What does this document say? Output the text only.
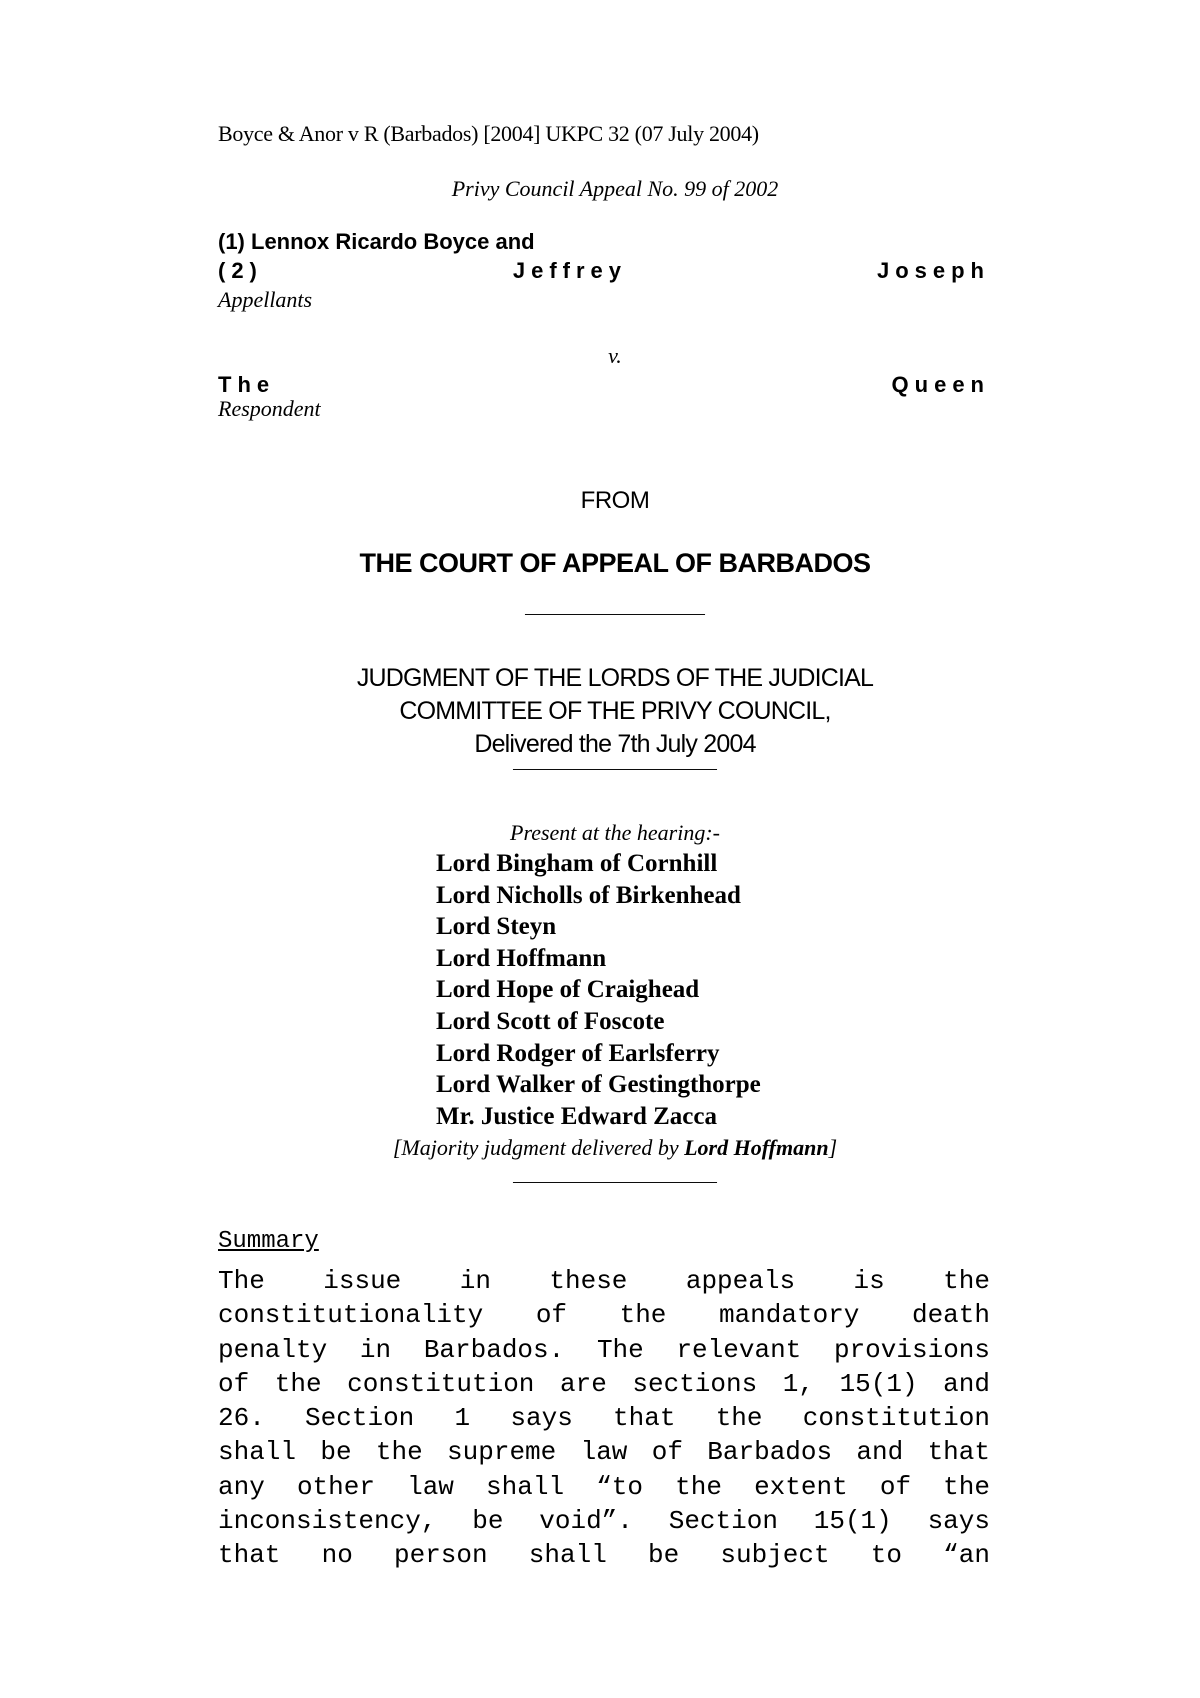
Boyce & Anor v R (Barbados) [2004] UKPC 32 (07 July 2004)
Privy Council Appeal No. 99 of 2002
(1) Lennox Ricardo Boyce and
(2)	Jeffrey	Joseph
Appellants
v.
The	Queen
Respondent
FROM
THE COURT OF APPEAL OF BARBADOS
_______________
JUDGMENT OF THE LORDS OF THE JUDICIAL
COMMITTEE OF THE PRIVY COUNCIL,
Delivered the 7th July 2004
_________________
Present at the hearing:-
Lord Bingham of Cornhill
Lord Nicholls of Birkenhead
Lord Steyn
Lord Hoffmann
Lord Hope of Craighead
Lord Scott of Foscote
Lord Rodger of Earlsferry
Lord Walker of Gestingthorpe
Mr. Justice Edward Zacca
[Majority judgment delivered by Lord Hoffmann]
_________________
Summary
The issue in these appeals is the
constitutionality of the mandatory death
penalty in Barbados. The relevant provisions
of the constitution are sections 1, 15(1) and
26. Section 1 says that the constitution
shall be the supreme law of Barbados and that
any other law shall “to the extent of the
inconsistency, be void”. Section 15(1) says
that no person shall be subject to “an
